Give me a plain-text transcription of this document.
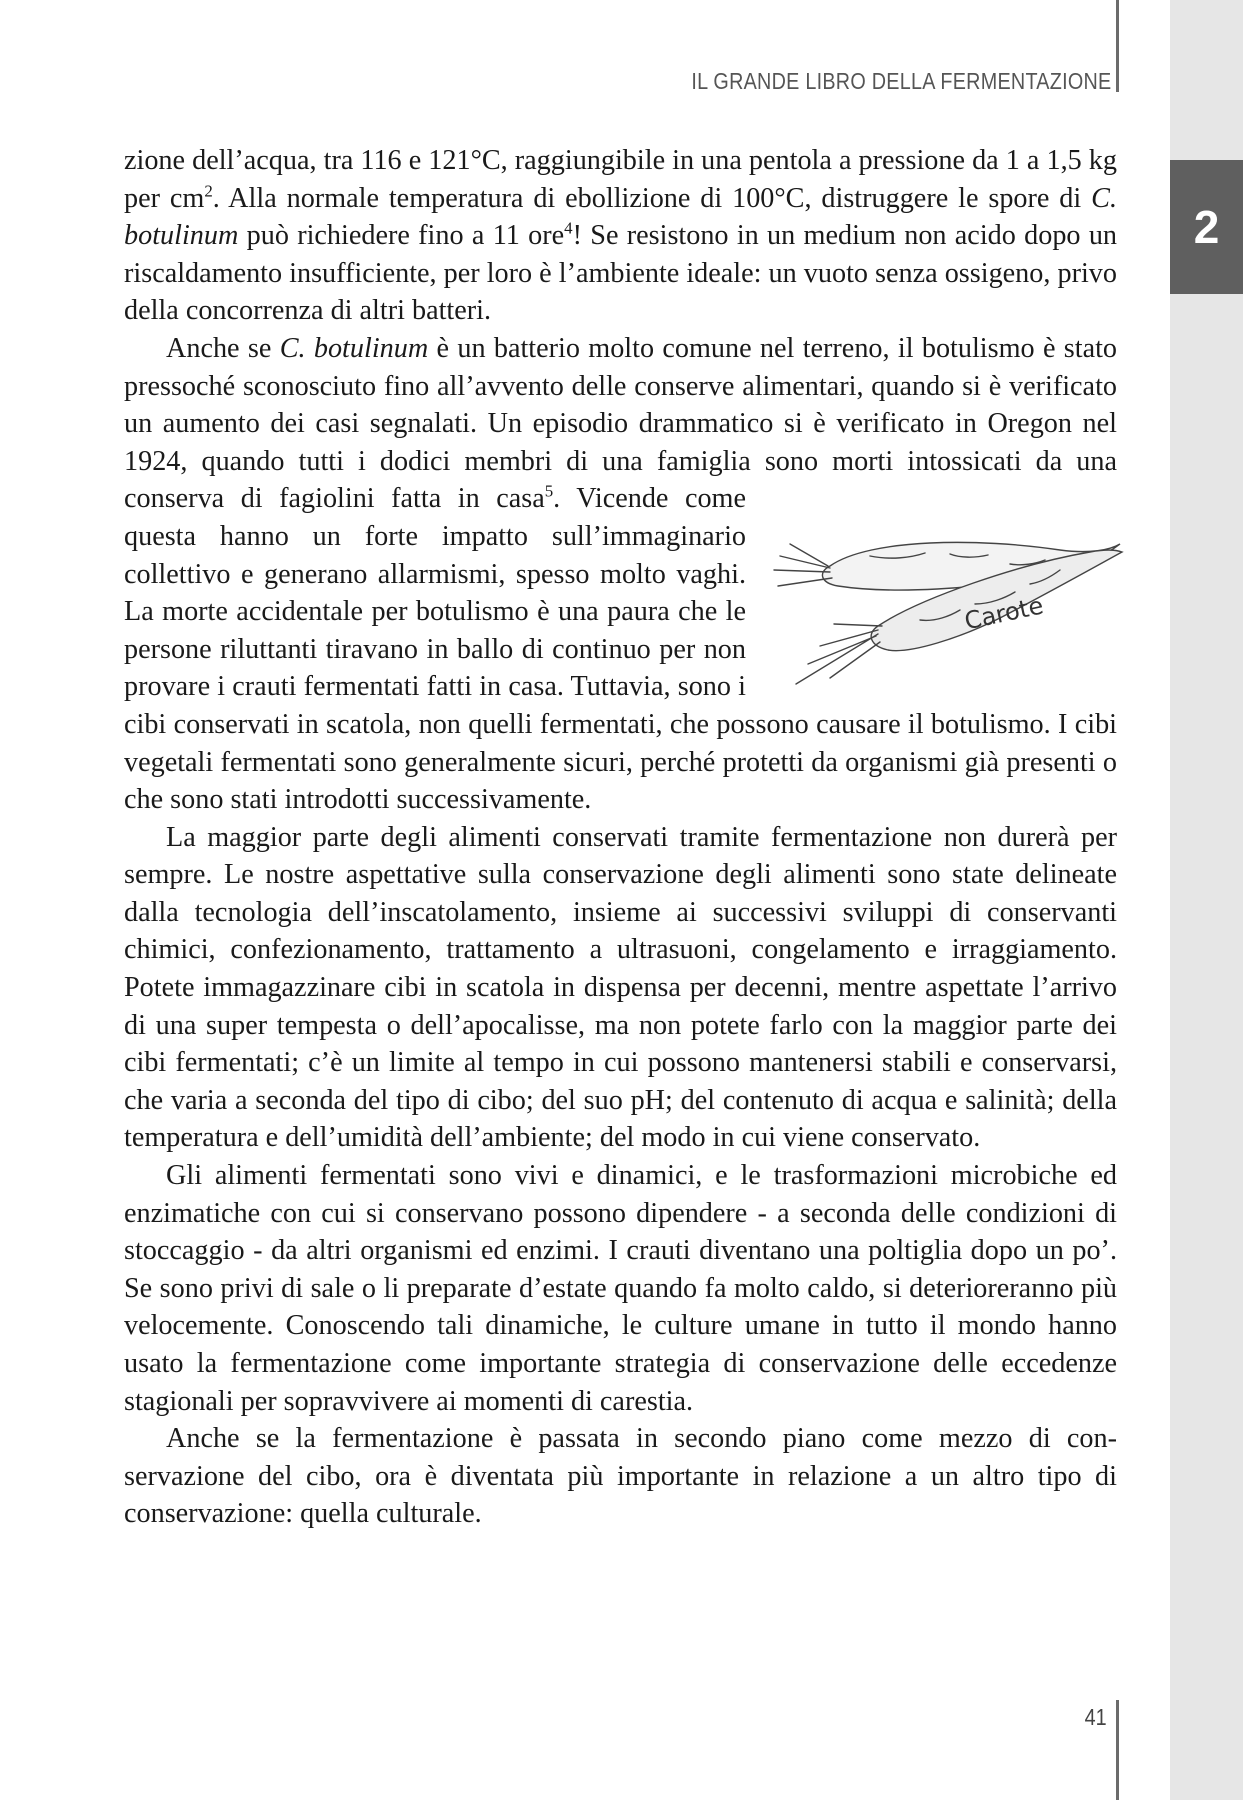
IL GRANDE LIBRO DELLA FERMENTAZIONE
2

zione dell’acqua, tra 116 e 121°C, raggiungibile in una pentola a pressione da 1 a 1,5 kg per $cm^2$. Alla normale temperatura di ebollizione di 100°C, distruggere le spore di C. botulinum può richiedere fino a 11 ore$^4$! Se resistono in un medium non acido dopo un riscaldamento insufficiente, per loro è l’ambiente ideale: un vuoto senza ossigeno, privo della concorrenza di altri batteri.

Anche se C. botulinum è un batterio molto comune nel terreno, il botulismo è stato pressoché sconosciuto fino all’avvento delle conserve alimentari, quando si è verificato un aumento dei casi segnalati. Un episodio drammatico si è verificato in Oregon nel 1924, quando tutti i dodici membri di una famiglia sono morti intossicati da una conserva di fagiolini fatta in casa$^5$
Carote
. Vicende come questa hanno un forte impatto sull’immaginario collettivo e generano allarmismi, spesso molto vaghi. La morte accidentale per botulismo è una paura che le persone riluttanti tiravano in ballo di continuo per non provare i crauti fermentati fatti in casa. Tuttavia, sono i cibi conservati in scatola, non quelli fermentati, che possono causare il botulismo. I cibi vegetali fermentati sono generalmente sicuri, perché protetti da organismi già presenti o che sono stati introdotti successivamente.

La maggior parte degli alimenti conservati tramite fermentazione non durerà per sempre. Le nostre aspettative sulla conservazione degli alimenti sono state delineate dalla tecnologia dell’inscatolamento, insieme ai successivi sviluppi di conservanti chimici, confezionamento, trattamento a ultrasuoni, congelamento e irraggiamento. Potete immagazzinare cibi in scatola in dispensa per decenni, mentre aspettate l’arrivo di una super tempesta o dell’apocalisse, ma non potete farlo con la maggior parte dei cibi fermentati; c’è un limite al tempo in cui possono mantenersi stabili e conservarsi, che varia a seconda del tipo di cibo; del suo pH; del contenuto di acqua e salinità; della temperatura e dell’umidità dell’ambiente; del modo in cui viene conservato.

Gli alimenti fermentati sono vivi e dinamici, e le trasformazioni microbiche ed enzimatiche con cui si conservano possono dipendere - a seconda delle condizioni di stoccaggio - da altri organismi ed enzimi. I crauti diventano una poltiglia dopo un po’. Se sono privi di sale o li preparate d’estate quando fa molto caldo, si deterioreranno più velocemente. Conoscendo tali dinamiche, le culture umane in tutto il mondo hanno usato la fermentazione come importante strategia di conservazione delle eccedenze stagionali per sopravvivere ai momenti di carestia.

Anche se la fermentazione è passata in secondo piano come mezzo di conservazione del cibo, ora è diventata più importante in relazione a un altro tipo di conservazione: quella culturale.

41
